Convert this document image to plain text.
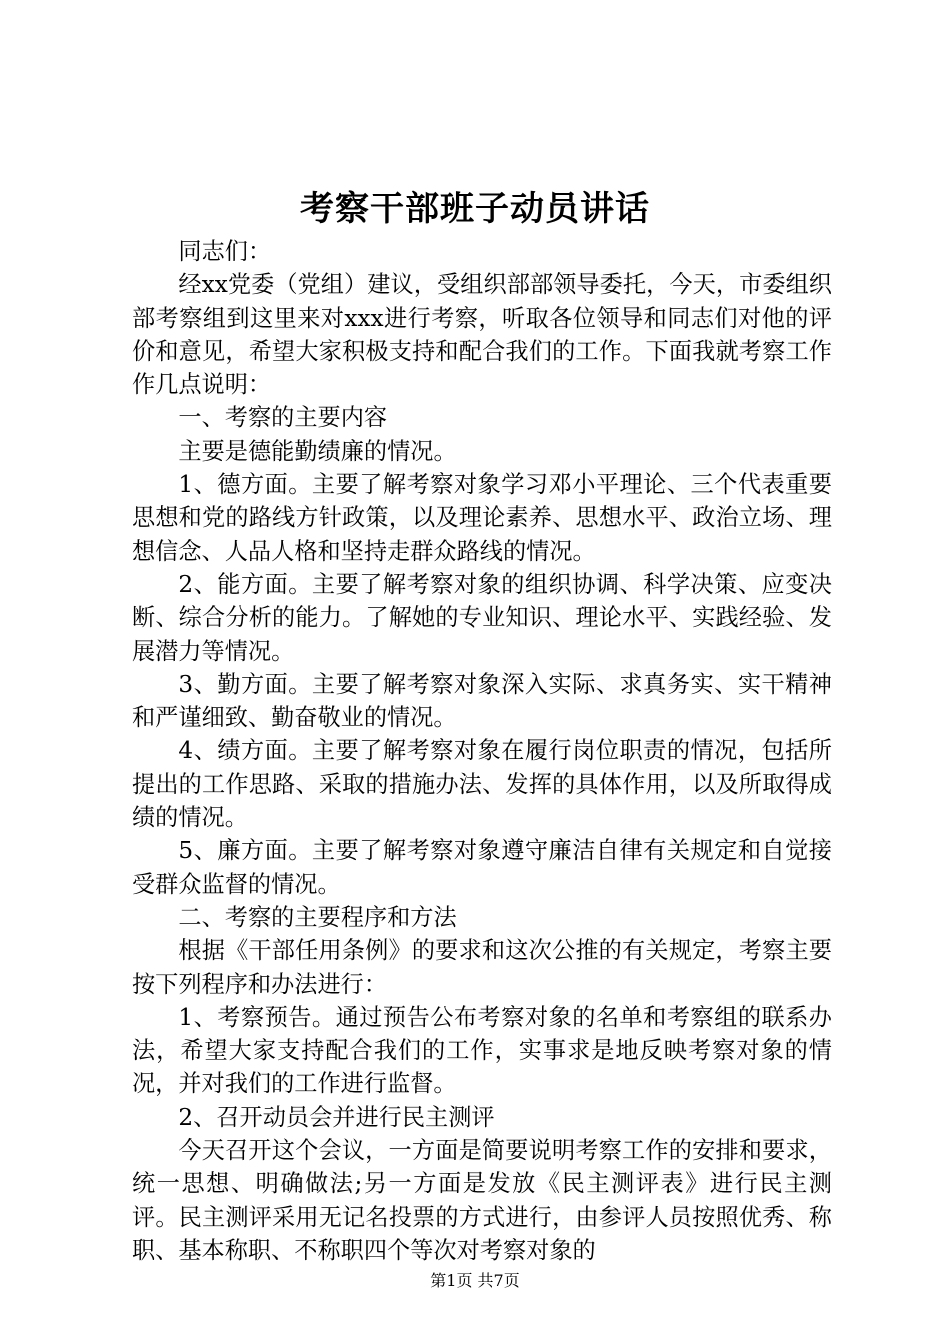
考察干部班子动员讲话

同志们：

经xx党委（党组）建议，受组织部部领导委托，今天，市委组织部考察组到这里来对xxx进行考察，听取各位领导和同志们对他的评价和意见，希望大家积极支持和配合我们的工作。下面我就考察工作作几点说明：

一、考察的主要内容

主要是德能勤绩廉的情况。

1、德方面。主要了解考察对象学习邓小平理论、三个代表重要思想和党的路线方针政策，以及理论素养、思想水平、政治立场、理想信念、人品人格和坚持走群众路线的情况。

2、能方面。主要了解考察对象的组织协调、科学决策、应变决断、综合分析的能力。了解她的专业知识、理论水平、实践经验、发展潜力等情况。

3、勤方面。主要了解考察对象深入实际、求真务实、实干精神和严谨细致、勤奋敬业的情况。

4、绩方面。主要了解考察对象在履行岗位职责的情况，包括所提出的工作思路、采取的措施办法、发挥的具体作用，以及所取得成绩的情况。

5、廉方面。主要了解考察对象遵守廉洁自律有关规定和自觉接受群众监督的情况。

二、考察的主要程序和方法

根据《干部任用条例》的要求和这次公推的有关规定，考察主要按下列程序和办法进行：

1、考察预告。通过预告公布考察对象的名单和考察组的联系办法，希望大家支持配合我们的工作，实事求是地反映考察对象的情况，并对我们的工作进行监督。

2、召开动员会并进行民主测评

今天召开这个会议，一方面是简要说明考察工作的安排和要求，统一思想、明确做法;另一方面是发放《民主测评表》进行民主测评。民主测评采用无记名投票的方式进行，由参评人员按照优秀、称职、基本称职、不称职四个等次对考察对象的

第1页 共7页
